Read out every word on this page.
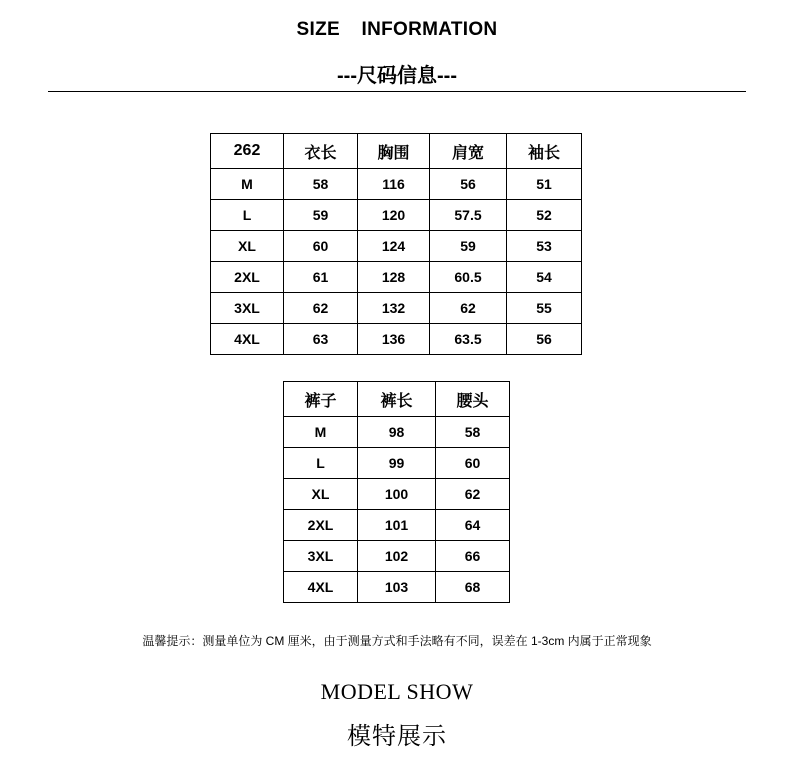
SIZE INFORMATION
---尺码信息---
262	衣长	胸围	肩宽	袖长
M	58	116	56	51
L	59	120	57.5	52
XL	60	124	59	53
2XL	61	128	60.5	54
3XL	62	132	62	55
4XL	63	136	63.5	56
裤子	裤长	腰头
M	98	58
L	99	60
XL	100	62
2XL	101	64
3XL	102	66
4XL	103	68
温馨提示：测量单位为 CM 厘米，由于测量方式和手法略有不同，误差在 1-3cm 内属于正常现象
MODEL SHOW
模特展示
